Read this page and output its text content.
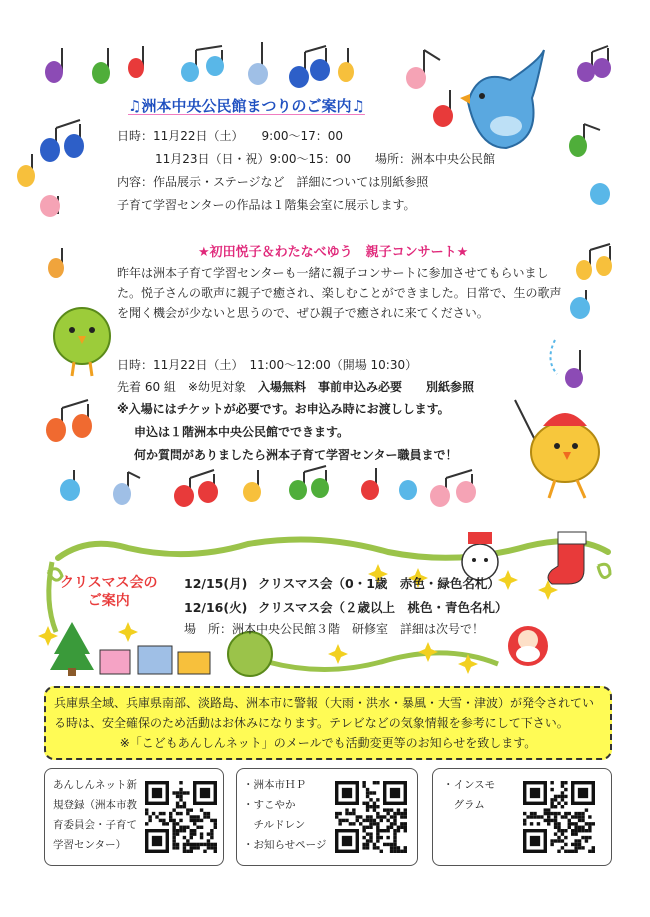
♫洲本中央公民館まつりのご案内♫
日時：11月22日（土）　　9:00～17：00
11月23日（日・祝）9:00～15：00　　場所：洲本中央公民館
内容：作品展示・ステージなど　詳細については別紙参照
子育て学習センターの作品は１階集会室に展示します。
★初田悦子＆わたなべゆう　親子コンサート★
昨年は洲本子育て学習センターも一緒に親子コンサートに参加させてもらいました。悦子さんの歌声に親子で癒され、楽しむことができました。日常で、生の歌声を聞く機会が少ないと思うので、ぜひ親子で癒されに来てください。
日時：11月22日（土）　11:00～12:00（開場 10:30）
先着 60 組　※幼児対象　入場無料　事前申込み必要　　別紙参照
※入場にはチケットが必要です。お申込み時にお渡しします。
申込は１階洲本中央公民館でできます。
何か質問がありましたら洲本子育て学習センター職員まで！
クリスマス会の
ご案内
12/15(月) クリスマス会（0・1歳　赤色・緑色名札）
12/16(火) クリスマス会（２歳以上　桃色・青色名札）
場　所：洲本中央公民館３階　研修室　詳細は次号で！
兵庫県全域、兵庫県南部、淡路島、洲本市に警報（大雨・洪水・暴風・大雪・津波）が発令されている時は、安全確保のため活動はお休みになります。テレビなどの気象情報を参考にして下さい。
※「こどもあんしんネット」のメールでも活動変更等のお知らせを致します。
あんしんネット新
規登録（洲本市教
育委員会・子育て
学習センター）
・洲本市ＨＰ
・すこやか
　チルドレン
・お知らせページ
・インスモ
　グラム
